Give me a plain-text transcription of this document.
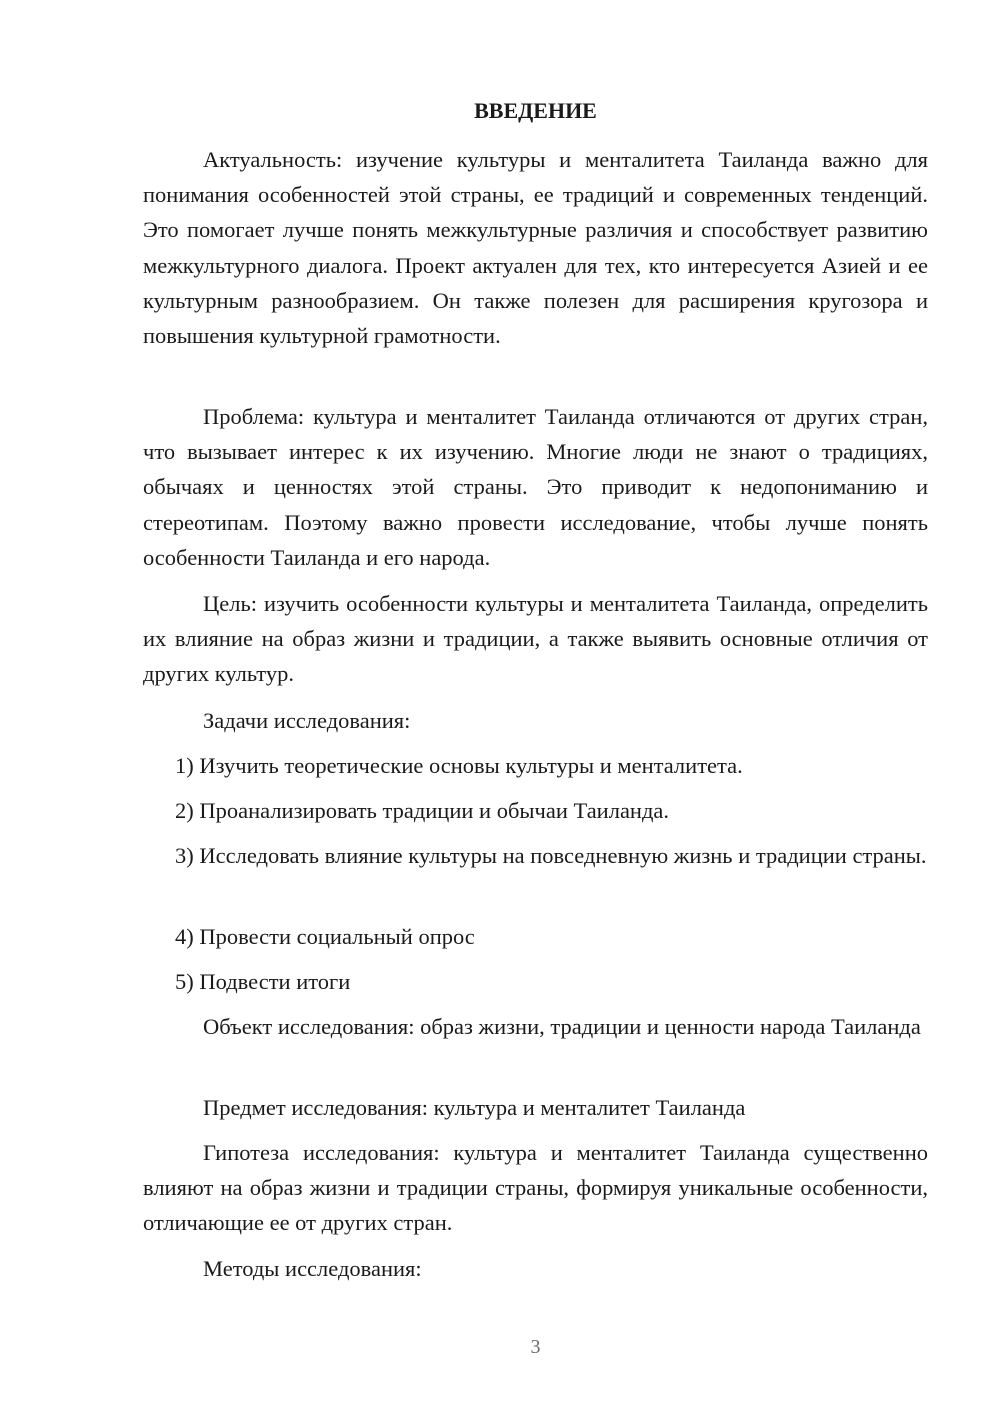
ВВЕДЕНИЕ

Актуальность: изучение культуры и менталитета Таиланда важно для понимания особенностей этой страны, ее традиций и современных тенденций. Это помогает лучше понять межкультурные различия и способствует развитию межкультурного диалога. Проект актуален для тех, кто интересуется Азией и ее культурным разнообразием. Он также полезен для расширения кругозора и повышения культурной грамотности.

Проблема: культура и менталитет Таиланда отличаются от других стран, что вызывает интерес к их изучению. Многие люди не знают о традициях, обычаях и ценностях этой страны. Это приводит к недопониманию и стереотипам. Поэтому важно провести исследование, чтобы лучше понять особенности Таиланда и его народа.

Цель: изучить особенности культуры и менталитета Таиланда, определить их влияние на образ жизни и традиции, а также выявить основные отличия от других культур.

Задачи исследования:

1) Изучить теоретические основы культуры и менталитета.

2) Проанализировать традиции и обычаи Таиланда.

3) Исследовать влияние культуры на повседневную жизнь и традиции страны.

4) Провести социальный опрос

5) Подвести итоги

Объект исследования: образ жизни, традиции и ценности народа Таиланда

Предмет исследования: культура и менталитет Таиланда

Гипотеза исследования: культура и менталитет Таиланда существенно влияют на образ жизни и традиции страны, формируя уникальные особенности, отличающие ее от других стран.

Методы исследования:

3
